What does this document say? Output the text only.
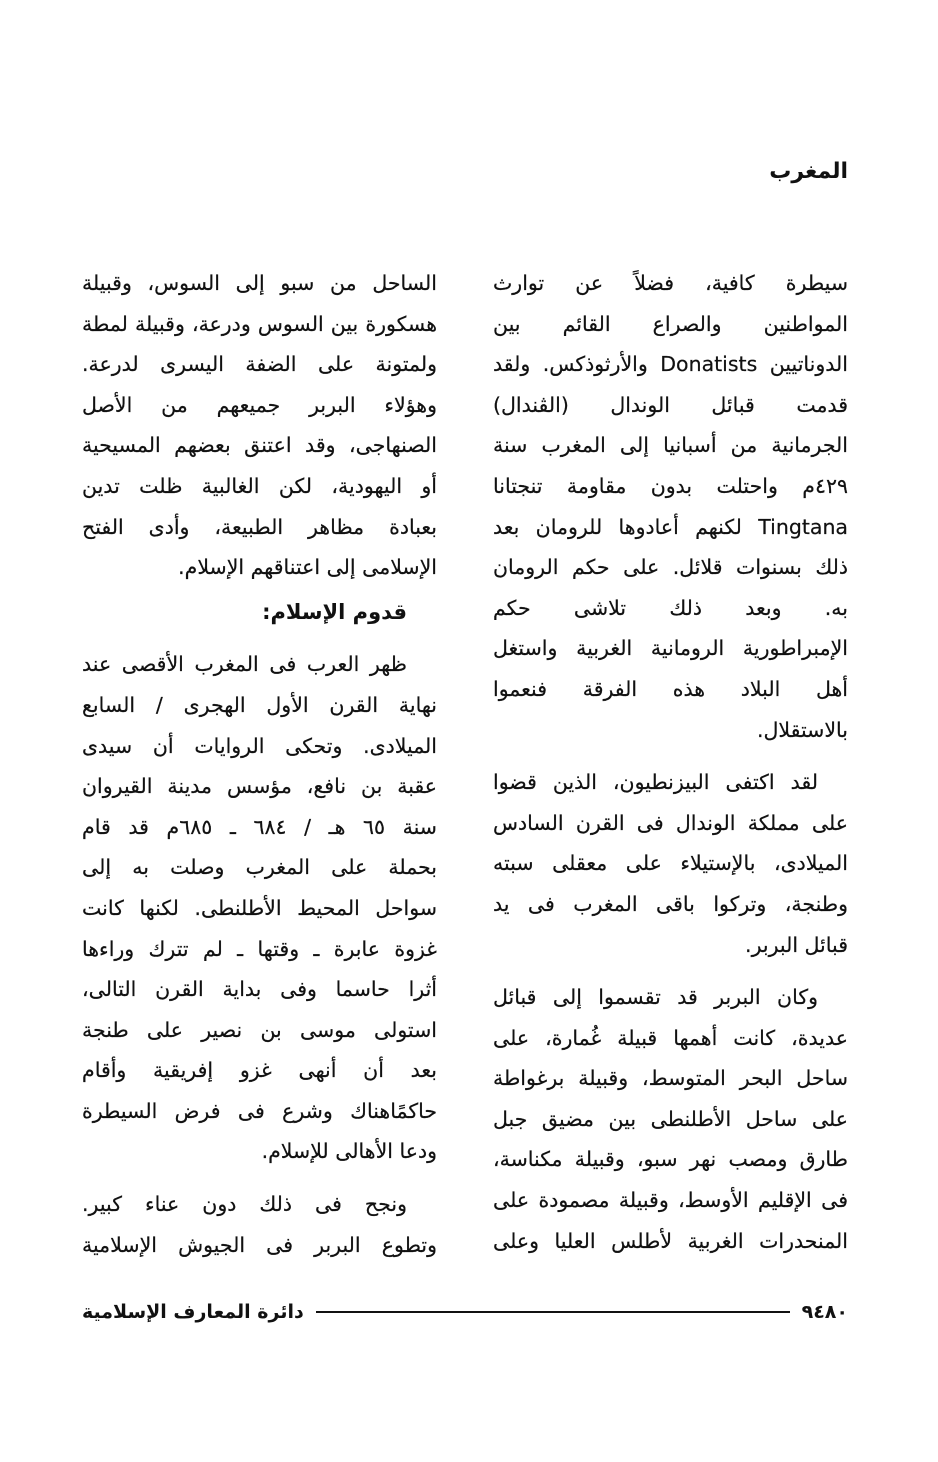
المغرب
سيطرة كافية، فضلاً عن توارث
المواطنين والصراع القائم بين
الدوناتيين Donatists والأرثوذكس. ولقد
قدمت قبائل الوندال (الڤندال)
الجرمانية من أسبانيا إلى المغرب سنة
٤٢٩م واحتلت بدون مقاومة تنجتانا
Tingtana لكنهم أعادوها للرومان بعد
ذلك بسنوات قلائل. على حكم الرومان
به. وبعد ذلك تلاشى حكم
الإمبراطورية الرومانية الغربية واستغل
أهل البلاد هذه الفرقة فنعموا
بالاستقلال.
لقد اكتفى البيزنطيون، الذين قضوا
على مملكة الوندال فى القرن السادس
الميلادى، بالإستيلاء على معقلى سبته
وطنجة، وتركوا باقى المغرب فى يد
قبائل البربر.
وكان البربر قد تقسموا إلى قبائل
عديدة، كانت أهمها قبيلة غُمارة، على
ساحل البحر المتوسط، وقبيلة برغواطة
على ساحل الأطلنطى بين مضيق جبل
طارق ومصب نهر سبو، وقبيلة مكناسة،
فى الإقليم الأوسط، وقبيلة مصمودة على
المنحدرات الغربية لأطلس العليا وعلى
الساحل من سبو إلى السوس، وقبيلة
هسكورة بين السوس ودرعة، وقبيلة لمطة
ولمتونة على الضفة اليسرى لدرعة.
وهؤلاء البربر جميعهم من الأصل
الصنهاجى، وقد اعتنق بعضهم المسيحية
أو اليهودية، لكن الغالبية ظلت تدين
بعبادة مظاهر الطبيعة، وأدى الفتح
الإسلامى إلى اعتناقهم الإسلام.
قدوم الإسلام:
ظهر العرب فى المغرب الأقصى عند
نهاية القرن الأول الهجرى / السابع
الميلادى. وتحكى الروايات أن سيدى
عقبة بن نافع، مؤسس مدينة القيروان
سنة ٦٥ هـ / ٦٨٤ ـ ٦٨٥م قد قام
بحملة على المغرب وصلت به إلى
سواحل المحيط الأطلنطى. لكنها كانت
غزوة عابرة ـ وقتها ـ لم تترك وراءها
أثرا حاسما وفى بداية القرن التالى،
استولى موسى بن نصير على طنجة
بعد أن أنهى غزو إفريقية وأقام
حاكمًاهناك وشرع فى فرض السيطرة
ودعا الأهالى للإسلام.
ونجح فى ذلك دون عناء كبير.
وتطوع البربر فى الجيوش الإسلامية
دائرة المعارف الإسلامية	٩٤٨٠
